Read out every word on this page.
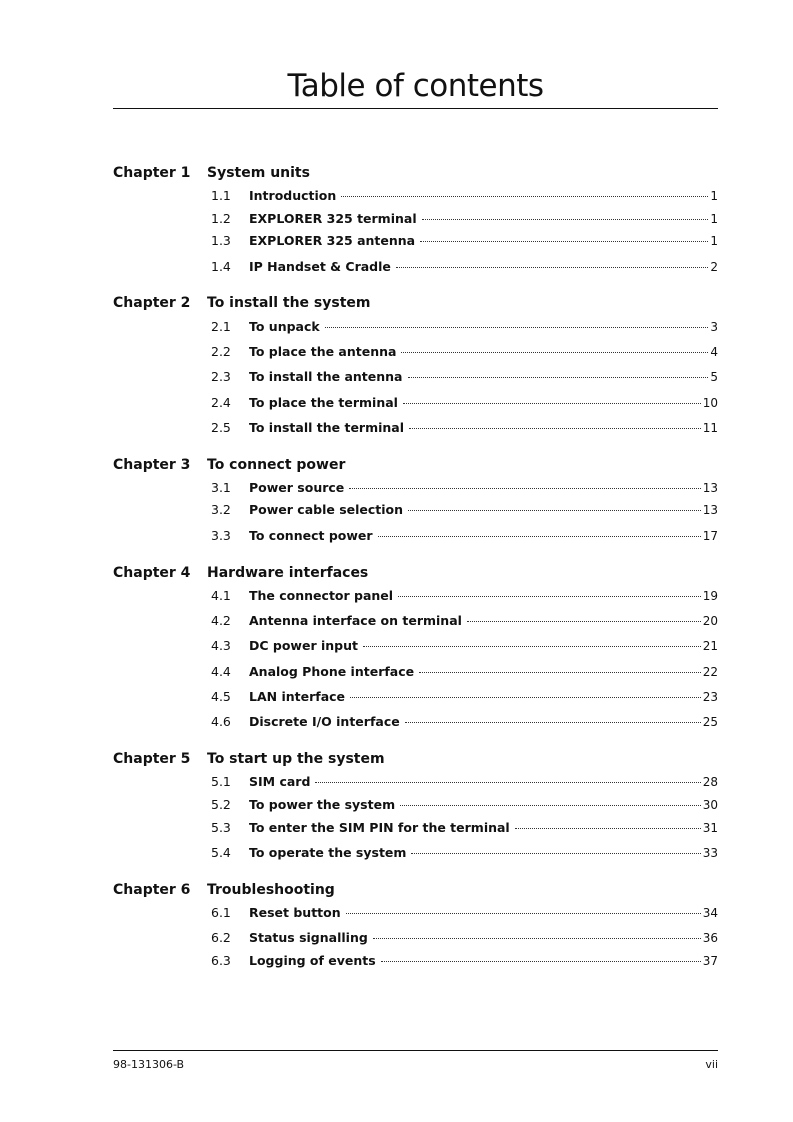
Table of contents
Chapter 1 System units
1.1	Introduction	1
1.2	EXPLORER 325 terminal	1
1.3	EXPLORER 325 antenna	1
1.4	IP Handset & Cradle	2
Chapter 2 To install the system
2.1	To unpack	3
2.2	To place the antenna	4
2.3	To install the antenna	5
2.4	To place the terminal	10
2.5	To install the terminal	11
Chapter 3 To connect power
3.1	Power source	13
3.2	Power cable selection	13
3.3	To connect power	17
Chapter 4 Hardware interfaces
4.1	The connector panel	19
4.2	Antenna interface on terminal	20
4.3	DC power input	21
4.4	Analog Phone interface	22
4.5	LAN interface	23
4.6	Discrete I/O interface	25
Chapter 5 To start up the system
5.1	SIM card	28
5.2	To power the system	30
5.3	To enter the SIM PIN for the terminal	31
5.4	To operate the system	33
Chapter 6 Troubleshooting
6.1	Reset button	34
6.2	Status signalling	36
6.3	Logging of events	37
98-131306-B	vii
